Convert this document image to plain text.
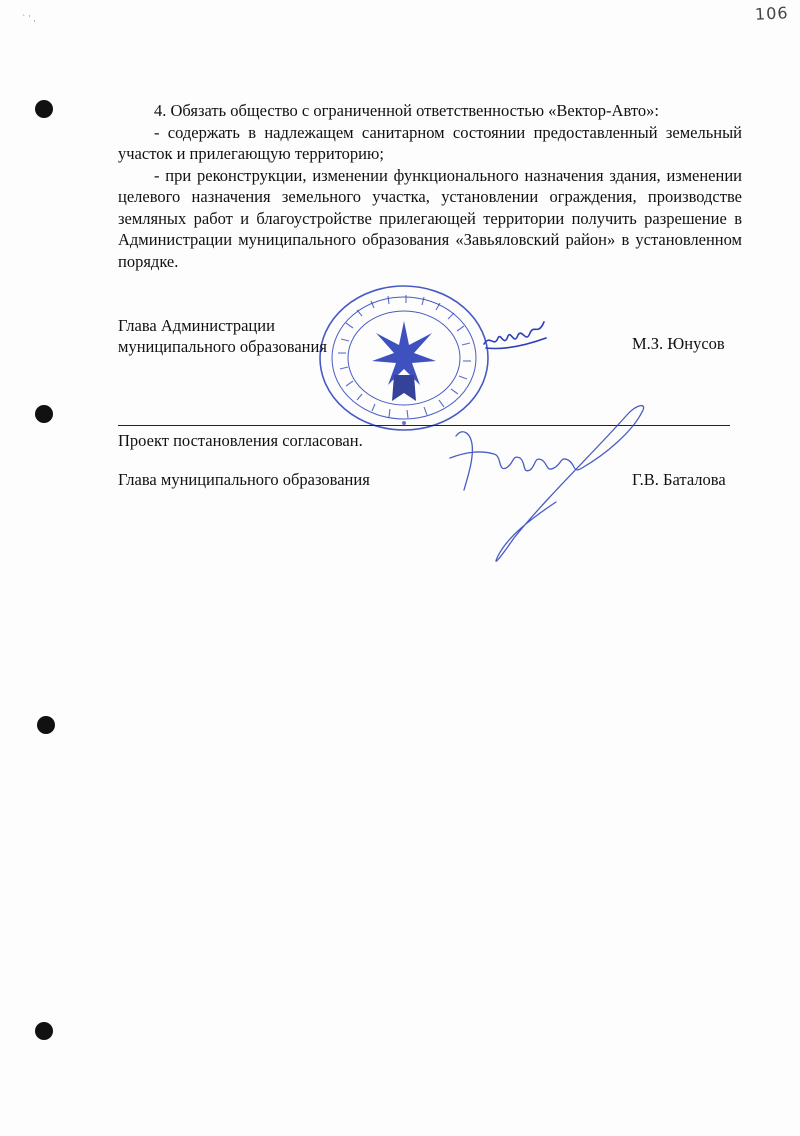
` ' ,	106

4. Обязать общество с ограниченной ответственностью «Вектор-Авто»:

- содержать в надлежащем санитарном состоянии предоставленный земельный участок и прилегающую территорию;

- при реконструкции, изменении функционального назначения здания, изменении целевого назначения земельного участка, установлении ограждения, производстве земляных работ и благоустройстве прилегающей территории получить разрешение в Администрации муниципального образования «Завьяловский район» в установленном порядке.

Глава Администрации
муниципального образования	М.З. Юнусов
Проект постановления согласован.
Глава муниципального образования	Г.В. Баталова
